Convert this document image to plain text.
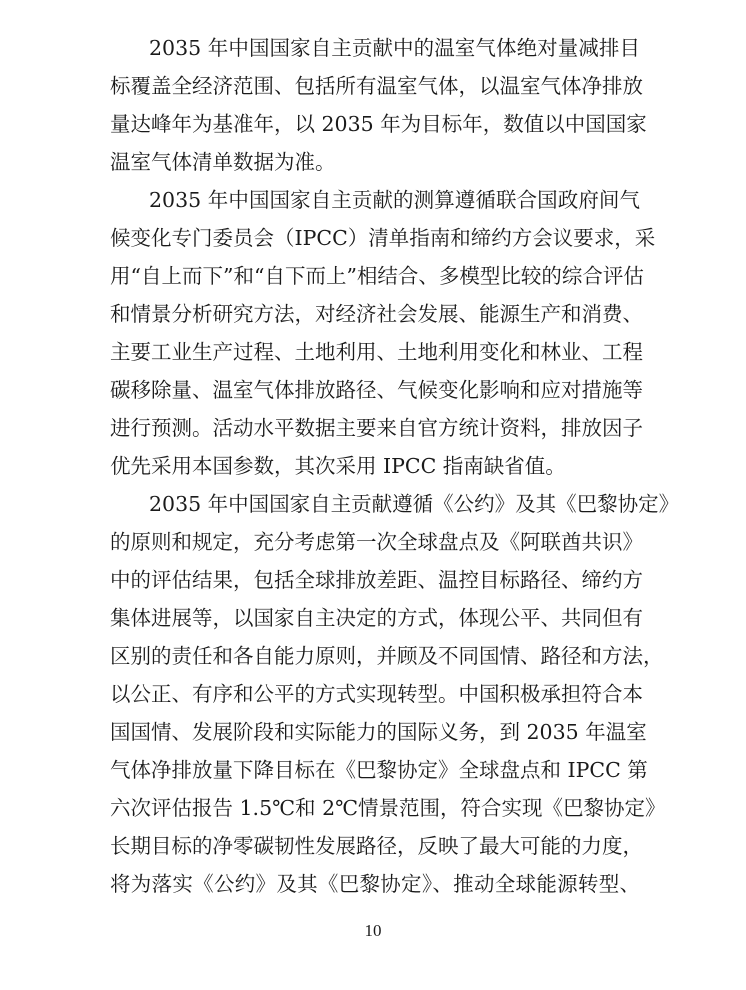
2035 年中国国家自主贡献中的温室气体绝对量减排目
标覆盖全经济范围、包括所有温室气体，以温室气体净排放
量达峰年为基准年，以 2035 年为目标年，数值以中国国家
温室气体清单数据为准。
2035 年中国国家自主贡献的测算遵循联合国政府间气
候变化专门委员会（IPCC）清单指南和缔约方会议要求，采
用“自上而下”和“自下而上”相结合、多模型比较的综合评估
和情景分析研究方法，对经济社会发展、能源生产和消费、
主要工业生产过程、土地利用、土地利用变化和林业、工程
碳移除量、温室气体排放路径、气候变化影响和应对措施等
进行预测。活动水平数据主要来自官方统计资料，排放因子
优先采用本国参数，其次采用 IPCC 指南缺省值。
2035 年中国国家自主贡献遵循《公约》及其《巴黎协定》
的原则和规定，充分考虑第一次全球盘点及《阿联酋共识》
中的评估结果，包括全球排放差距、温控目标路径、缔约方
集体进展等，以国家自主决定的方式，体现公平、共同但有
区别的责任和各自能力原则，并顾及不同国情、路径和方法，
以公正、有序和公平的方式实现转型。中国积极承担符合本
国国情、发展阶段和实际能力的国际义务，到 2035 年温室
气体净排放量下降目标在《巴黎协定》全球盘点和 IPCC 第
六次评估报告 1.5℃和 2℃情景范围，符合实现《巴黎协定》
长期目标的净零碳韧性发展路径，反映了最大可能的力度，
将为落实《公约》及其《巴黎协定》、推动全球能源转型、
10
